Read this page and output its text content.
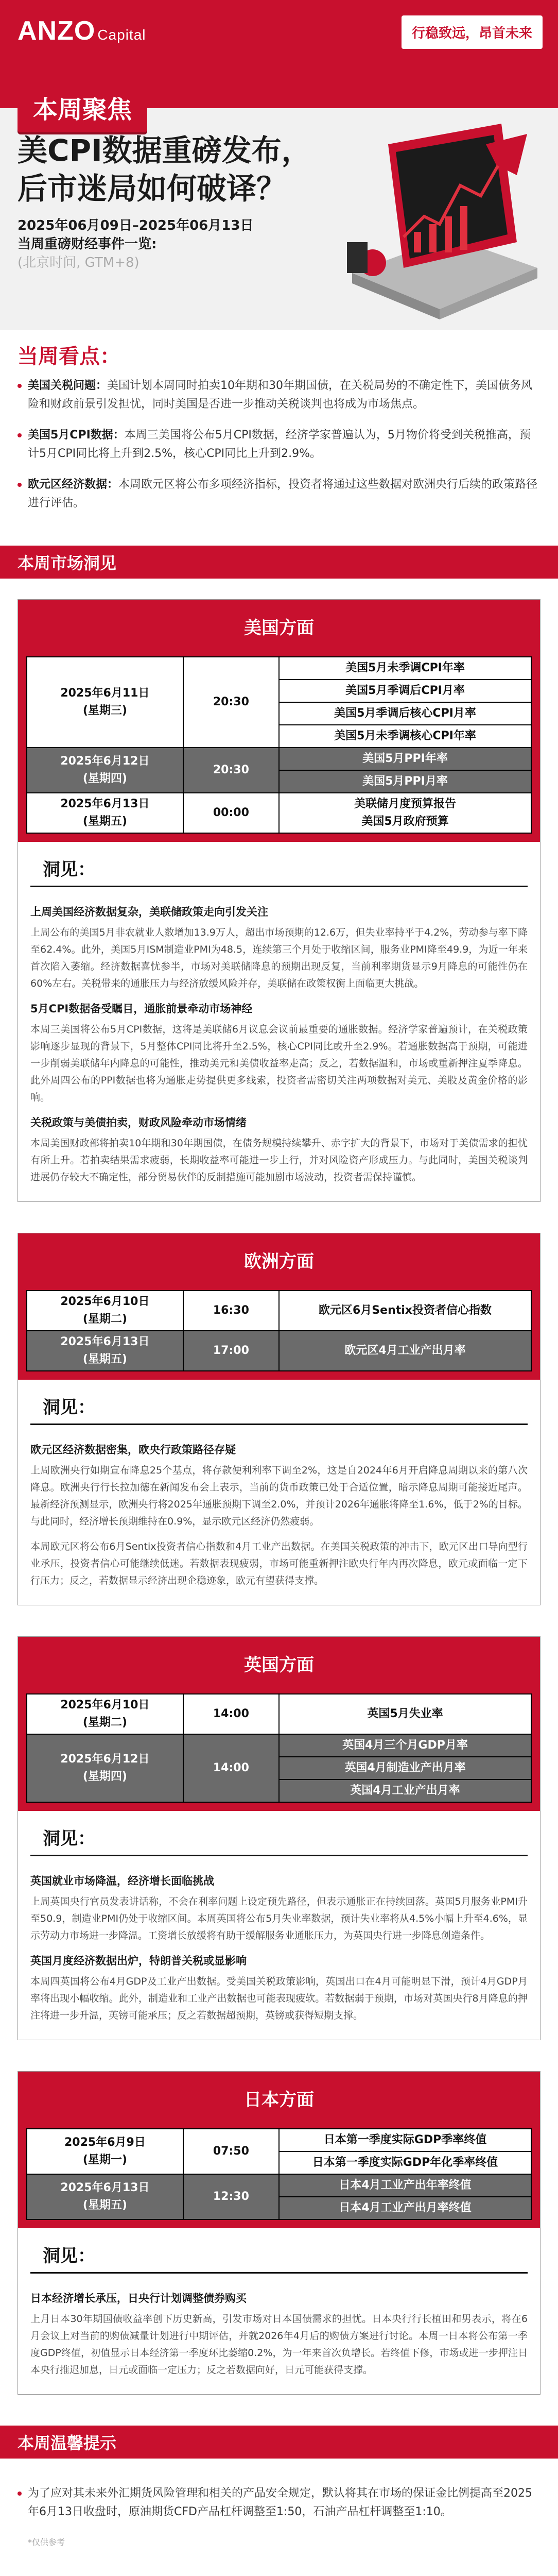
ANZO Capital	行稳致远，昂首未来
本周聚焦
美CPI数据重磅发布，
后市迷局如何破译？
2025年06月09日–2025年06月13日
当周重磅财经事件一览:
(北京时间, GTM+8)
当周看点：

美国关税问题：美国计划本周同时拍卖10年期和30年期国债，在关税局势的不确定性下，美国债务风险和财政前景引发担忧，同时美国是否进一步推动关税谈判也将成为市场焦点。

美国5月CPI数据：本周三美国将公布5月CPI数据，经济学家普遍认为，5月物价将受到关税推高，预计5月CPI同比将上升到2.5%，核心CPI同比上升到2.9%。

欧元区经济数据：本周欧元区将公布多项经济指标，投资者将通过这些数据对欧洲央行后续的政策路径进行评估。

本周市场洞见
美国方面
2025年6月11日
(星期三)	20:30	美国5月未季调CPI年率
		美国5月季调后CPI月率
		美国5月季调后核心CPI月率
		美国5月未季调核心CPI年率
2025年6月12日
(星期四)	20:30	美国5月PPI年率
		美国5月PPI月率
2025年6月13日
(星期五)	00:00	美联储月度预算报告
美国5月政府预算
洞见：
上周美国经济数据复杂，美联储政策走向引发关注

上周公布的美国5月非农就业人数增加13.9万人，超出市场预期的12.6万，但失业率持平于4.2%，劳动参与率下降至62.4%。此外，美国5月ISM制造业PMI为48.5，连续第三个月处于收缩区间，服务业PMI降至49.9，为近一年来首次陷入萎缩。经济数据喜忧参半，市场对美联储降息的预期出现反复，当前利率期货显示9月降息的可能性仍在60%左右。关税带来的通胀压力与经济放缓风险并存，美联储在政策权衡上面临更大挑战。

5月CPI数据备受瞩目，通胀前景牵动市场神经

本周三美国将公布5月CPI数据，这将是美联储6月议息会议前最重要的通胀数据。经济学家普遍预计，在关税政策影响逐步显现的背景下，5月整体CPI同比将升至2.5%，核心CPI同比或升至2.9%。若通胀数据高于预期，可能进一步削弱美联储年内降息的可能性，推动美元和美债收益率走高；反之，若数据温和，市场或重新押注夏季降息。此外周四公布的PPI数据也将为通胀走势提供更多线索，投资者需密切关注两项数据对美元、美股及黄金价格的影响。

关税政策与美债拍卖，财政风险牵动市场情绪

本周美国财政部将拍卖10年期和30年期国债，在债务规模持续攀升、赤字扩大的背景下，市场对于美债需求的担忧有所上升。若拍卖结果需求疲弱，长期收益率可能进一步上行，并对风险资产形成压力。与此同时，美国关税谈判进展仍存较大不确定性，部分贸易伙伴的反制措施可能加剧市场波动，投资者需保持谨慎。

欧洲方面
2025年6月10日
(星期二)	16:30	欧元区6月Sentix投资者信心指数
2025年6月13日
(星期五)	17:00	欧元区4月工业产出月率
洞见：
欧元区经济数据密集，欧央行政策路径存疑

上周欧洲央行如期宣布降息25个基点，将存款便利利率下调至2%，这是自2024年6月开启降息周期以来的第八次降息。欧洲央行行长拉加德在新闻发布会上表示，当前的货币政策已处于合适位置，暗示降息周期可能接近尾声。最新经济预测显示，欧洲央行将2025年通胀预期下调至2.0%，并预计2026年通胀将降至1.6%，低于2%的目标。与此同时，经济增长预期维持在0.9%，显示欧元区经济仍然疲弱。

本周欧元区将公布6月Sentix投资者信心指数和4月工业产出数据。在美国关税政策的冲击下，欧元区出口导向型行业承压，投资者信心可能继续低迷。若数据表现疲弱，市场可能重新押注欧央行年内再次降息，欧元或面临一定下行压力；反之，若数据显示经济出现企稳迹象，欧元有望获得支撑。

英国方面
2025年6月10日
(星期二)	14:00	英国5月失业率
2025年6月12日
(星期四)	14:00	英国4月三个月GDP月率
		英国4月制造业产出月率
		英国4月工业产出月率
洞见：
英国就业市场降温，经济增长面临挑战

上周英国央行官员发表讲话称，不会在利率问题上设定预先路径，但表示通胀正在持续回落。英国5月服务业PMI升至50.9，制造业PMI仍处于收缩区间。本周英国将公布5月失业率数据，预计失业率将从4.5%小幅上升至4.6%，显示劳动力市场进一步降温。工资增长放缓将有助于缓解服务业通胀压力，为英国央行进一步降息创造条件。

英国月度经济数据出炉，特朗普关税或显影响

本周四英国将公布4月GDP及工业产出数据。受美国关税政策影响，英国出口在4月可能明显下滑，预计4月GDP月率将出现小幅收缩。此外，制造业和工业产出数据也可能表现疲软。若数据弱于预期，市场对英国央行8月降息的押注将进一步升温，英镑可能承压；反之若数据超预期，英镑或获得短期支撑。

日本方面
2025年6月9日
(星期一)	07:50	日本第一季度实际GDP季率终值
		日本第一季度实际GDP年化季率终值
2025年6月13日
(星期五)	12:30	日本4月工业产出年率终值
		日本4月工业产出月率终值
洞见：
日本经济增长承压，日央行计划调整债券购买

上月日本30年期国债收益率创下历史新高，引发市场对日本国债需求的担忧。日本央行行长植田和男表示，将在6月会议上对当前的购债减量计划进行中期评估，并就2026年4月后的购债方案进行讨论。本周一日本将公布第一季度GDP终值，初值显示日本经济第一季度环比萎缩0.2%，为一年来首次负增长。若终值下修，市场或进一步押注日本央行推迟加息，日元或面临一定压力；反之若数据向好，日元可能获得支撑。

本周温馨提示

为了应对其未来外汇期货风险管理和相关的产品安全规定，默认将其在市场的保证金比例提高至2025年6月13日收盘时，原油期货CFD产品杠杆调整至1:50，石油产品杠杆调整至1:10。

*仅供参考
